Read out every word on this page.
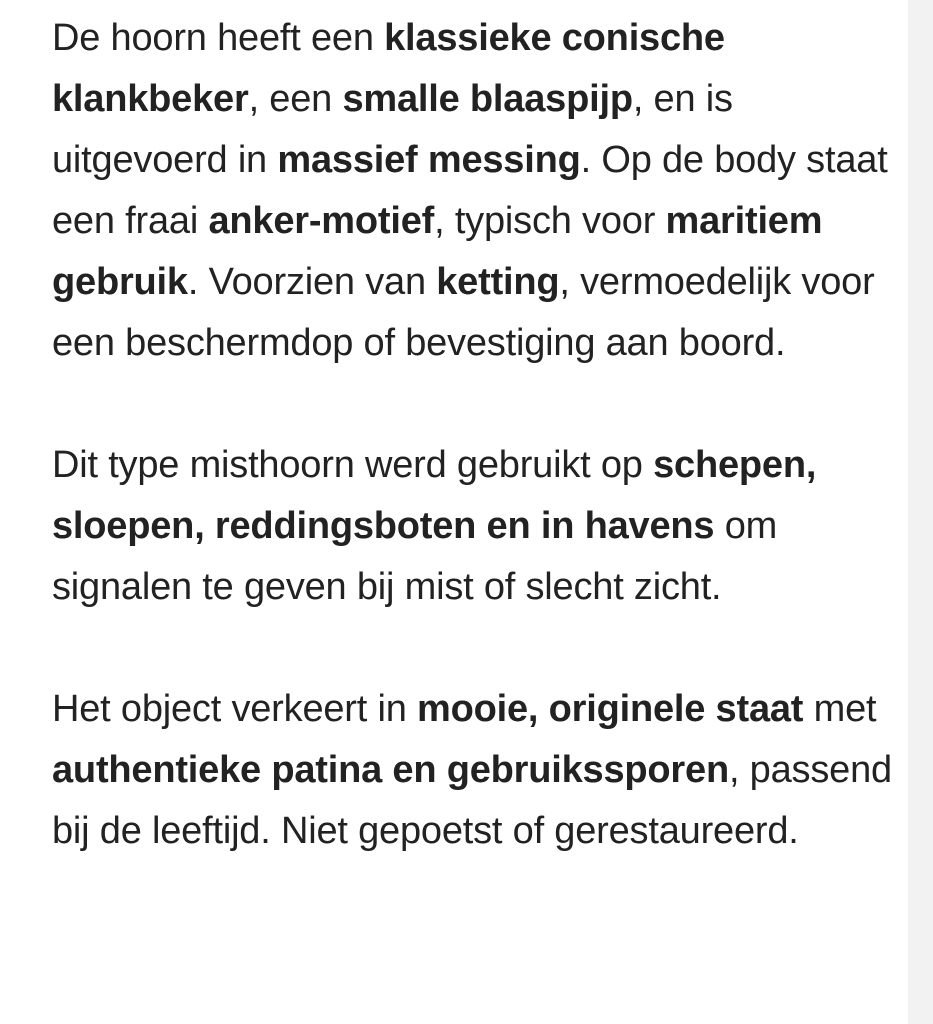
De hoorn heeft een klassieke conische klankbeker, een smalle blaaspijp, en is uitgevoerd in massief messing. Op de body staat een fraai anker-motief, typisch voor maritiem gebruik. Voorzien van ketting, vermoedelijk voor een beschermdop of bevestiging aan boord.

Dit type misthoorn werd gebruikt op schepen, sloepen, reddingsboten en in havens om signalen te geven bij mist of slecht zicht.

Het object verkeert in mooie, originele staat met authentieke patina en gebruikssporen, passend bij de leeftijd. Niet gepoetst of gerestaureerd.
